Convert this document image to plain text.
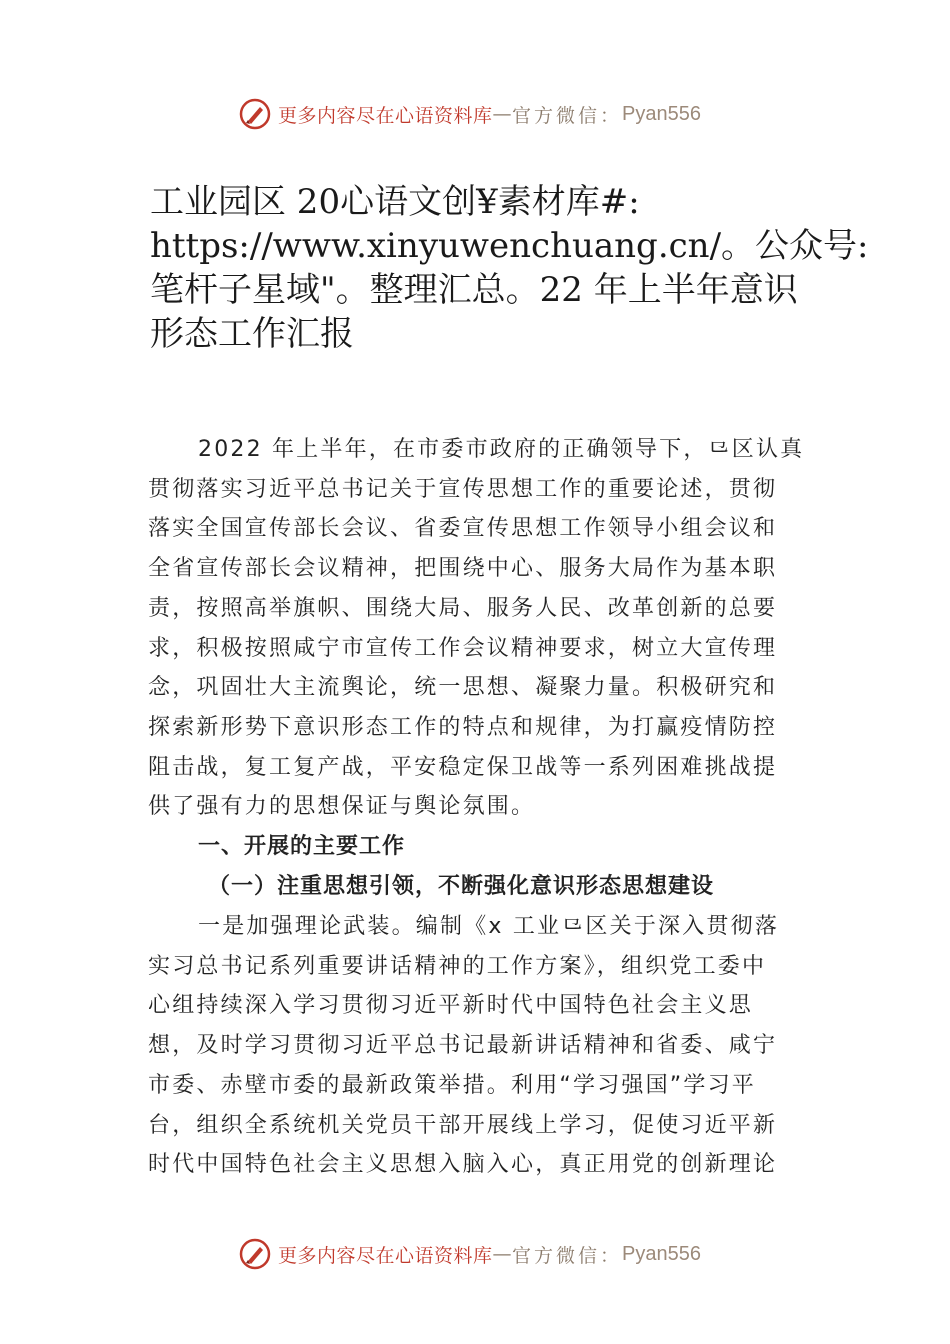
更多内容尽在心语资料库 — 官方微信： Pyan556
工业园区 20心语文创¥素材库#:
https://www.xinyuwenchuang.cn/。公众号:
笔杆子星域"。整理汇总。22 年上半年意识
形态工作汇报

2022 年上半年，在市委市政府的正确领导下，⺋区认真
贯彻落实习近平总书记关于宣传思想工作的重要论述，贯彻
落实全国宣传部长会议、省委宣传思想工作领导小组会议和
全省宣传部长会议精神，把围绕中心、服务大局作为基本职
责，按照高举旗帜、围绕大局、服务人民、改革创新的总要
求，积极按照咸宁市宣传工作会议精神要求，树立大宣传理
念，巩固壮大主流舆论，统一思想、凝聚力量。积极研究和
探索新形势下意识形态工作的特点和规律，为打赢疫情防控
阻击战，复工复产战，平安稳定保卫战等一系列困难挑战提
供了强有力的思想保证与舆论氛围。

一、开展的主要工作
（一）注重思想引领，不断强化意识形态思想建设

一是加强理论武装。编制《x 工业⺋区关于深入贯彻落
实习总书记系列重要讲话精神的工作方案》，组织党工委中
心组持续深入学习贯彻习近平新时代中国特色社会主义思
想，及时学习贯彻习近平总书记最新讲话精神和省委、咸宁
市委、赤壁市委的最新政策举措。利用“学习强国”学习平
台，组织全系统机关党员干部开展线上学习，促使习近平新
时代中国特色社会主义思想入脑入心，真正用党的创新理论

更多内容尽在心语资料库 — 官方微信： Pyan556
